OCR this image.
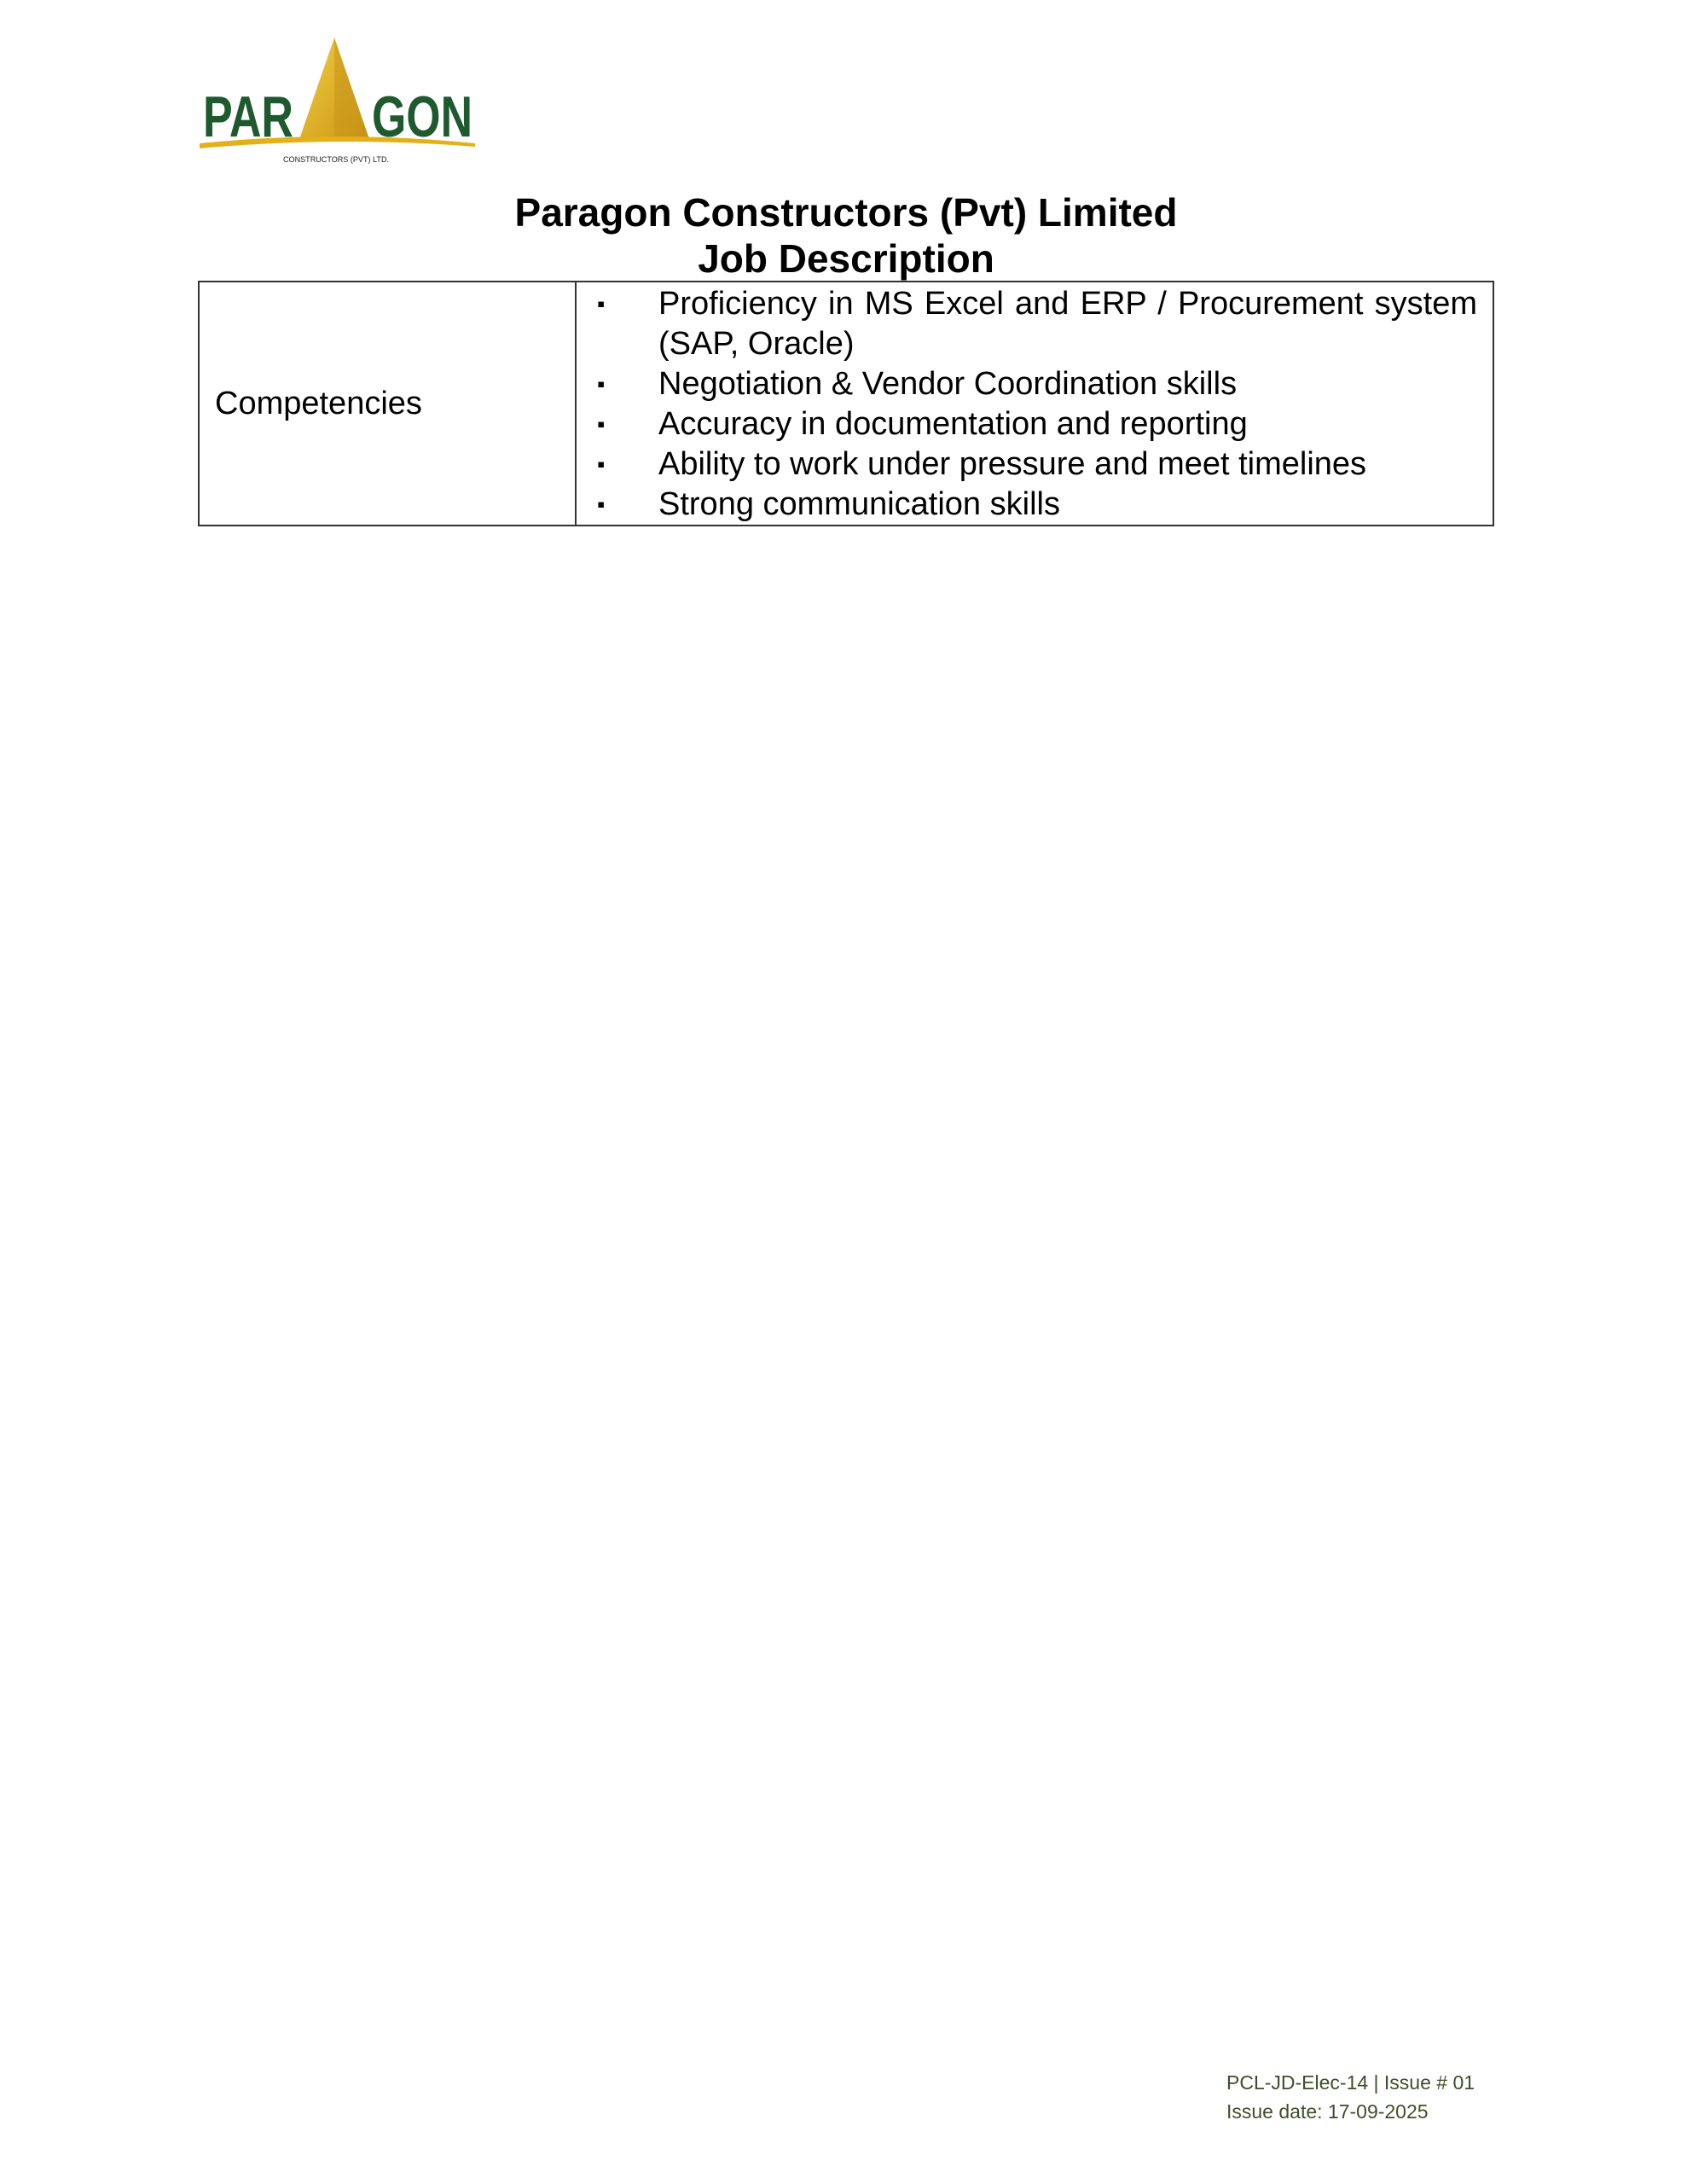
PAR GON
CONSTRUCTORS (PVT) LTD.
Paragon Constructors (Pvt) Limited
Job Description
Competencies	
▪	Proficiency in MS Excel and ERP / Procurement system (SAP, Oracle)
▪	Negotiation & Vendor Coordination skills
▪	Accuracy in documentation and reporting
▪	Ability to work under pressure and meet timelines
▪	Strong communication skills
PCL-JD-Elec-14 | Issue # 01
Issue date: 17-09-2025
